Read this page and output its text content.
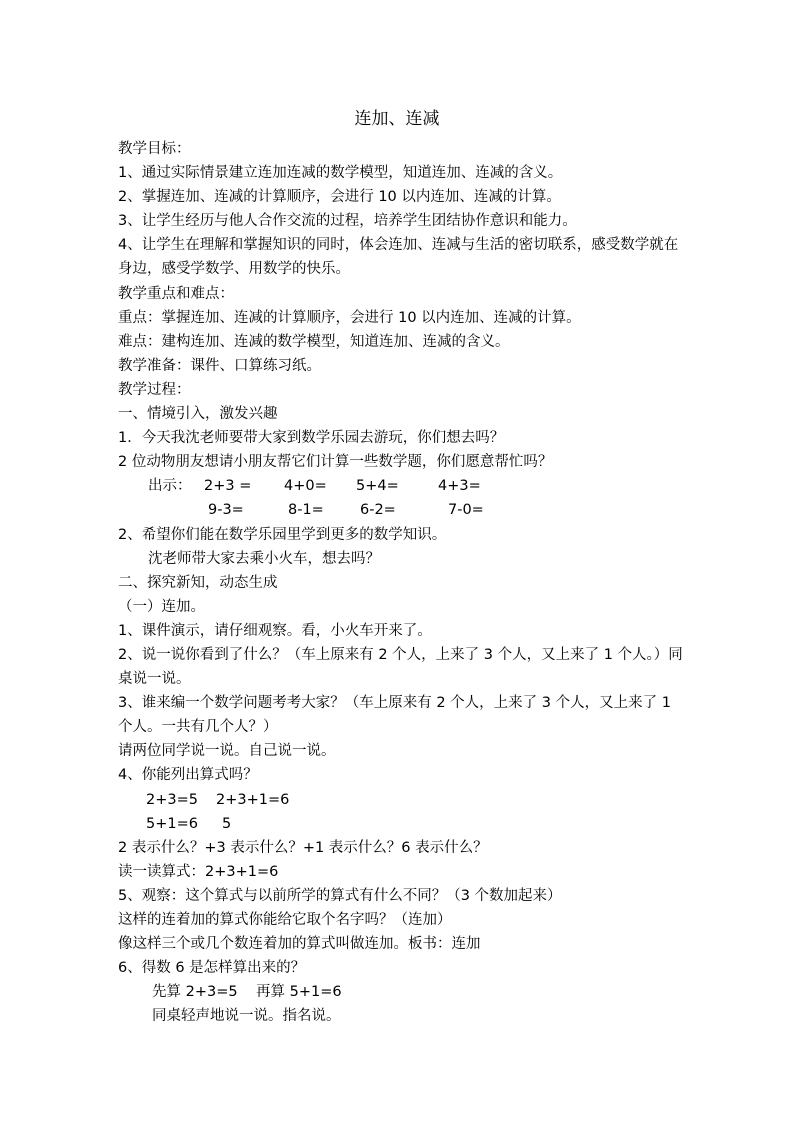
连加、连减
教学目标：
1、通过实际情景建立连加连减的数学模型，知道连加、连减的含义。
2、掌握连加、连减的计算顺序，会进行 10 以内连加、连减的计算。
3、让学生经历与他人合作交流的过程，培养学生团结协作意识和能力。
4、让学生在理解和掌握知识的同时，体会连加、连减与生活的密切联系，感受数学就在身边，感受学数学、用数学的快乐。
教学重点和难点：
重点：掌握连加、连减的计算顺序，会进行 10 以内连加、连减的计算。
难点：建构连加、连减的数学模型，知道连加、连减的含义。
教学准备：课件、口算练习纸。
教学过程：
一、情境引入，激发兴趣
1．今天我沈老师要带大家到数学乐园去游玩，你们想去吗？
2 位动物朋友想请小朋友帮它们计算一些数学题，你们愿意帮忙吗？
出示： 2+3 = 4+0= 5+4=	4+3=
9-3=	8-1= 6-2=	7-0=
2、希望你们能在数学乐园里学到更多的数学知识。
沈老师带大家去乘小火车，想去吗？
二、探究新知，动态生成
（一）连加。
1、课件演示，请仔细观察。看，小火车开来了。
2、说一说你看到了什么？（车上原来有 2 个人，上来了 3 个人，又上来了 1 个人。）同桌说一说。
3、谁来编一个数学问题考考大家？（车上原来有 2 个人，上来了 3 个人，又上来了 1 个人。一共有几个人？）
请两位同学说一说。自己说一说。
4、你能列出算式吗？
2+3=5 2+3+1=6
5+1=6 5
2 表示什么？+3 表示什么？+1 表示什么？6 表示什么？
读一读算式：2+3+1=6
5、观察：这个算式与以前所学的算式有什么不同？（3 个数加起来）
这样的连着加的算式你能给它取个名字吗？（连加）
像这样三个或几个数连着加的算式叫做连加。板书：连加
6、得数 6 是怎样算出来的？
先算 2+3=5    再算 5+1=6
同桌轻声地说一说。指名说。
